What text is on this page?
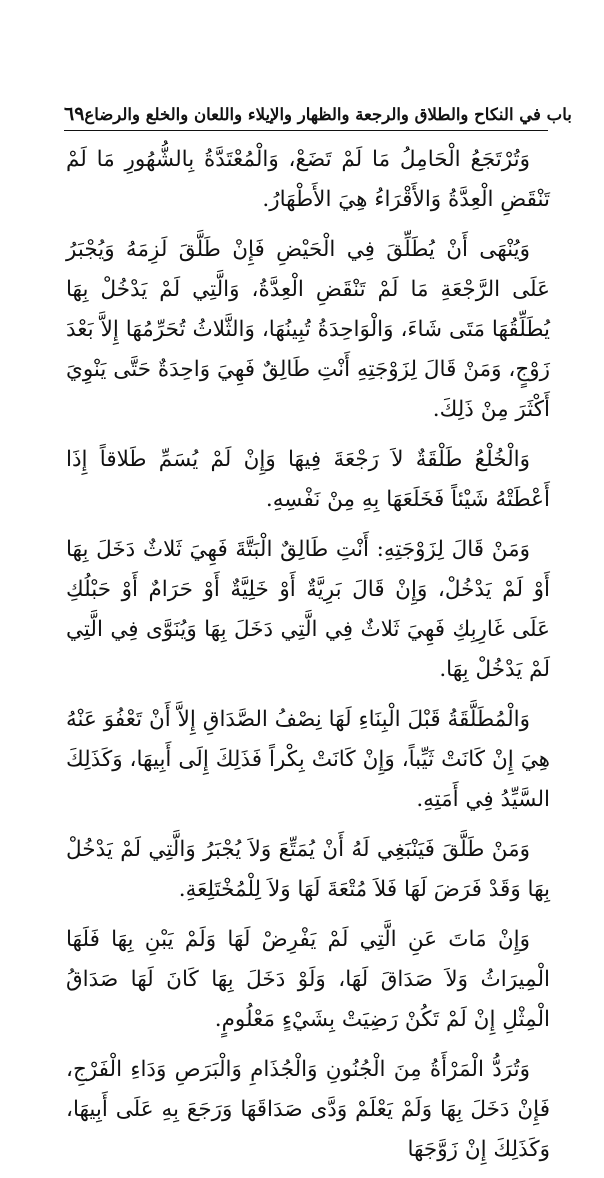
٦٩ باب في النكاح والطلاق والرجعة والظهار والإيلاء واللعان والخلع والرضاع

وَتُرْتَجَعُ الْحَامِلُ مَا لَمْ تَضَعْ، وَالْمُعْتَدَّةُ بِالشُّهُورِ مَا لَمْ تَنْقَضِ الْعِدَّةُ وَالأَقْرَاءُ هِيَ الأَطْهَارُ.

وَيُنْهَى أَنْ يُطَلِّقَ فِي الْحَيْضِ فَإِنْ طَلَّقَ لَزِمَهُ وَيُجْبَرُ عَلَى الرَّجْعَةِ مَا لَمْ تَنْقَضِ الْعِدَّةُ، وَالَّتِي لَمْ يَدْخُلْ بِهَا يُطَلِّقُهَا مَتَى شَاءَ، وَالْوَاحِدَةُ تُبِينُهَا، وَالثَّلاثُ تُحَرِّمُهَا إِلاَّ بَعْدَ زَوْجٍ، وَمَنْ قَالَ لِزَوْجَتِهِ أَنْتِ طَالِقٌ فَهِيَ وَاحِدَةٌ حَتَّى يَنْوِيَ أَكْثَرَ مِنْ ذَلِكَ.

وَالْخُلْعُ طَلْقَةٌ لاَ رَجْعَةَ فِيهَا وَإِنْ لَمْ يُسَمِّ طَلاقاً إِذَا أَعْطَتْهُ شَيْئاً فَخَلَعَهَا بِهِ مِنْ نَفْسِهِ.

وَمَنْ قَالَ لِزَوْجَتِهِ: أَنْتِ طَالِقٌ الْبَتَّةَ فَهِيَ ثَلاثٌ دَخَلَ بِهَا أَوْ لَمْ يَدْخُلْ، وَإِنْ قَالَ بَرِيَّةٌ أَوْ خَلِيَّةٌ أَوْ حَرَامٌ أَوْ حَبْلُكِ عَلَى غَارِبِكِ فَهِيَ ثَلاثٌ فِي الَّتِي دَخَلَ بِهَا وَيُنَوَّى فِي الَّتِي لَمْ يَدْخُلْ بِهَا.

وَالْمُطَلَّقَةُ قَبْلَ الْبِنَاءِ لَهَا نِصْفُ الصَّدَاقِ إِلاَّ أَنْ تَعْفُوَ عَنْهُ هِيَ إِنْ كَانَتْ ثَيِّباً، وَإِنْ كَانَتْ بِكْراً فَذَلِكَ إِلَى أَبِيهَا، وَكَذَلِكَ السَّيِّدُ فِي أَمَتِهِ.

وَمَنْ طَلَّقَ فَيَنْبَغِي لَهُ أَنْ يُمَتِّعَ وَلاَ يُجْبَرُ وَالَّتِي لَمْ يَدْخُلْ بِهَا وَقَدْ فَرَضَ لَهَا فَلاَ مُتْعَةَ لَهَا وَلاَ لِلْمُخْتَلِعَةِ.

وَإِنْ مَاتَ عَنِ الَّتِي لَمْ يَفْرِضْ لَهَا وَلَمْ يَبْنِ بِهَا فَلَهَا الْمِيرَاثُ وَلاَ صَدَاقَ لَهَا، وَلَوْ دَخَلَ بِهَا كَانَ لَهَا صَدَاقُ الْمِثْلِ إِنْ لَمْ تَكُنْ رَضِيَتْ بِشَيْءٍ مَعْلُومٍ.

وَتُرَدُّ الْمَرْأَةُ مِنَ الْجُنُونِ وَالْجُذَامِ وَالْبَرَصِ وَدَاءِ الْفَرْجِ، فَإِنْ دَخَلَ بِهَا وَلَمْ يَعْلَمْ وَدَّى صَدَاقَهَا وَرَجَعَ بِهِ عَلَى أَبِيهَا، وَكَذَلِكَ إِنْ زَوَّجَهَا
